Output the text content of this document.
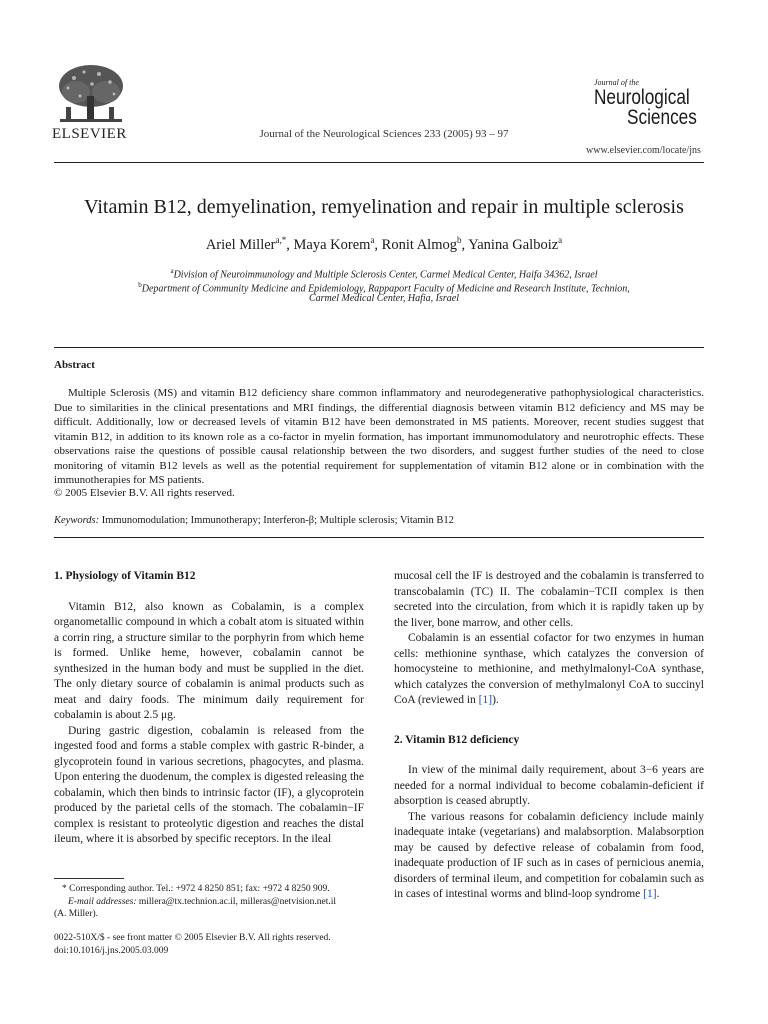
ELSEVIER	Journal of the Neurological Sciences 233 (2005) 93 – 97
Journal of the
Neurological
Sciences
www.elsevier.com/locate/jns
Vitamin B12, demyelination, remyelination and repair in multiple sclerosis
Ariel Miller$^{a,*}$, Maya Korem$^a$, Ronit Almog$^b$, Yanina Galboiz$^a$
$^a$Division of Neuroimmunology and Multiple Sclerosis Center, Carmel Medical Center, Haifa 34362, Israel
$^b$Department of Community Medicine and Epidemiology, Rappaport Faculty of Medicine and Research Institute, Technion,
Carmel Medical Center, Hafia, Israel
Abstract
Multiple Sclerosis (MS) and vitamin B12 deficiency share common inflammatory and neurodegenerative pathophysiological characteristics. Due to similarities in the clinical presentations and MRI findings, the differential diagnosis between vitamin B12 deficiency and MS may be difficult. Additionally, low or decreased levels of vitamin B12 have been demonstrated in MS patients. Moreover, recent studies suggest that vitamin B12, in addition to its known role as a co-factor in myelin formation, has important immunomodulatory and neurotrophic effects. These observations raise the questions of possible causal relationship between the two disorders, and suggest further studies of the need to close monitoring of vitamin B12 levels as well as the potential requirement for supplementation of vitamin B12 alone or in combination with the immunotherapies for MS patients.
© 2005 Elsevier B.V. All rights reserved.
Keywords: Immunomodulation; Immunotherapy; Interferon-β; Multiple sclerosis; Vitamin B12
1. Physiology of Vitamin B12

Vitamin B12, also known as Cobalamin, is a complex organometallic compound in which a cobalt atom is situated within a corrin ring, a structure similar to the porphyrin from which heme is formed. Unlike heme, however, cobalamin cannot be synthesized in the human body and must be supplied in the diet. The only dietary source of cobalamin is animal products such as meat and dairy foods. The minimum daily requirement for cobalamin is about 2.5 μg.

During gastric digestion, cobalamin is released from the ingested food and forms a stable complex with gastric R-binder, a glycoprotein found in various secretions, phagocytes, and plasma. Upon entering the duodenum, the complex is digested releasing the cobalamin, which then binds to intrinsic factor (IF), a glycoprotein produced by the parietal cells of the stomach. The cobalamin−IF complex is resistant to proteolytic digestion and reaches the distal ileum, where it is absorbed by specific receptors. In the ileal

mucosal cell the IF is destroyed and the cobalamin is transferred to transcobalamin (TC) II. The cobalamin−TCII complex is then secreted into the circulation, from which it is rapidly taken up by the liver, bone marrow, and other cells.

Cobalamin is an essential cofactor for two enzymes in human cells: methionine synthase, which catalyzes the conversion of homocysteine to methionine, and methylmalonyl-CoA synthase, which catalyzes the conversion of methylmalonyl CoA to succinyl CoA (reviewed in [1]).

2. Vitamin B12 deficiency

In view of the minimal daily requirement, about 3−6 years are needed for a normal individual to become cobalamin-deficient if absorption is ceased abruptly.

The various reasons for cobalamin deficiency include mainly inadequate intake (vegetarians) and malabsorption. Malabsorption may be caused by defective release of cobalamin from food, inadequate production of IF such as in cases of pernicious anemia, disorders of terminal ileum, and competition for cobalamin such as in cases of intestinal worms and blind-loop syndrome [1].

* Corresponding author. Tel.: +972 4 8250 851; fax: +972 4 8250 909.
E-mail addresses: millera@tx.technion.ac.il, milleras@netvision.net.il
(A. Miller).
0022-510X/$ - see front matter © 2005 Elsevier B.V. All rights reserved.
doi:10.1016/j.jns.2005.03.009
